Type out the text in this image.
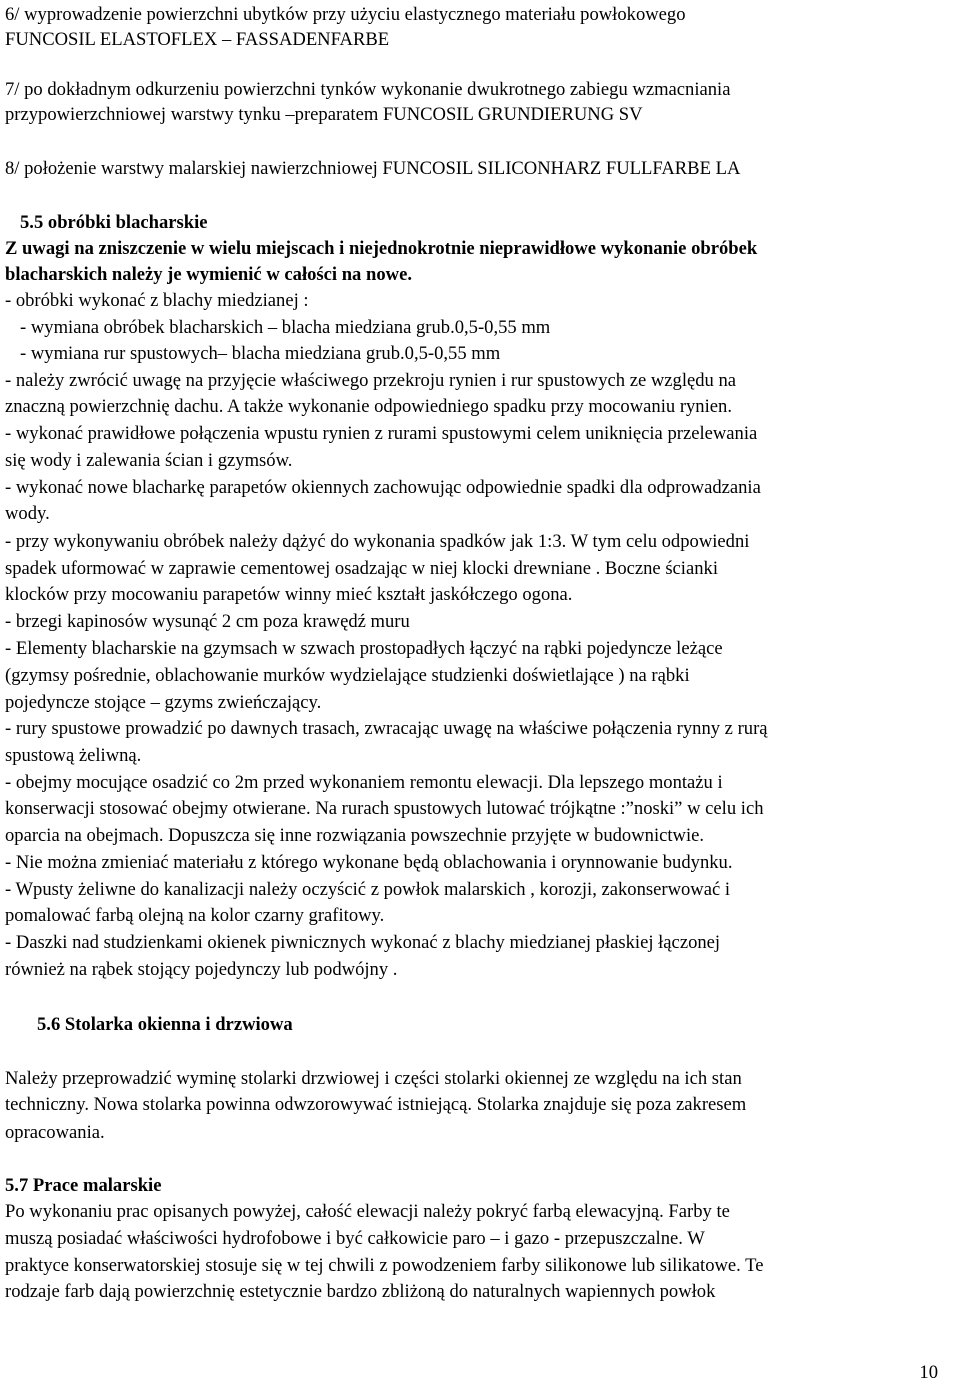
6/ wyprowadzenie powierzchni ubytków przy użyciu elastycznego materiału powłokowego
FUNCOSIL ELASTOFLEX – FASSADENFARBE
7/ po dokładnym odkurzeniu powierzchni tynków wykonanie dwukrotnego zabiegu wzmacniania
przypowierzchniowej warstwy tynku –preparatem FUNCOSIL GRUNDIERUNG SV
8/ położenie warstwy malarskiej nawierzchniowej FUNCOSIL SILICONHARZ FULLFARBE LA
5.5 obróbki blacharskie
Z uwagi na zniszczenie w wielu miejscach i niejednokrotnie nieprawidłowe wykonanie obróbek
blacharskich należy je wymienić w całości na nowe.
- obróbki wykonać z blachy miedzianej :
- wymiana obróbek blacharskich – blacha miedziana grub.0,5-0,55 mm
- wymiana rur spustowych– blacha miedziana grub.0,5-0,55 mm
- należy zwrócić uwagę na przyjęcie właściwego przekroju rynien i rur spustowych ze względu na
znaczną powierzchnię dachu. A także wykonanie odpowiedniego spadku przy mocowaniu rynien.
- wykonać prawidłowe połączenia wpustu rynien z rurami spustowymi celem uniknięcia przelewania
się wody i zalewania ścian i gzymsów.
- wykonać nowe blacharkę parapetów okiennych zachowując odpowiednie spadki dla odprowadzania
wody.
- przy wykonywaniu obróbek należy dążyć do wykonania spadków jak 1:3. W tym celu odpowiedni
spadek uformować w zaprawie cementowej osadzając w niej klocki drewniane . Boczne ścianki
klocków przy mocowaniu parapetów winny mieć kształt jaskółczego ogona.
- brzegi kapinosów wysunąć 2 cm poza krawędź muru
- Elementy blacharskie na gzymsach w szwach prostopadłych łączyć na rąbki pojedyncze leżące
(gzymsy pośrednie, oblachowanie murków wydzielające studzienki doświetlające ) na rąbki
pojedyncze stojące – gzyms zwieńczający.
- rury spustowe prowadzić po dawnych trasach, zwracając uwagę na właściwe połączenia rynny z rurą
spustową żeliwną.
- obejmy mocujące osadzić co 2m przed wykonaniem remontu elewacji. Dla lepszego montażu i
konserwacji stosować obejmy otwierane. Na rurach spustowych lutować trójkątne :”noski” w celu ich
oparcia na obejmach. Dopuszcza się inne rozwiązania powszechnie przyjęte w budownictwie.
- Nie można zmieniać materiału z którego wykonane będą oblachowania i orynnowanie budynku.
- Wpusty żeliwne do kanalizacji należy oczyścić z powłok malarskich , korozji, zakonserwować i
pomalować farbą olejną na kolor czarny grafitowy.
- Daszki nad studzienkami okienek piwnicznych wykonać z blachy miedzianej płaskiej łączonej
również na rąbek stojący pojedynczy lub podwójny .
5.6 Stolarka okienna i drzwiowa
Należy przeprowadzić wyminę stolarki drzwiowej i części stolarki okiennej ze względu na ich stan
techniczny. Nowa stolarka powinna odwzorowywać istniejącą. Stolarka znajduje się poza zakresem
opracowania.
5.7 Prace malarskie
Po wykonaniu prac opisanych powyżej, całość elewacji należy pokryć farbą elewacyjną. Farby te
muszą posiadać właściwości hydrofobowe i być całkowicie paro – i gazo - przepuszczalne. W
praktyce konserwatorskiej stosuje się w tej chwili z powodzeniem farby silikonowe lub silikatowe. Te
rodzaje farb dają powierzchnię estetycznie bardzo zbliżoną do naturalnych wapiennych powłok
10
